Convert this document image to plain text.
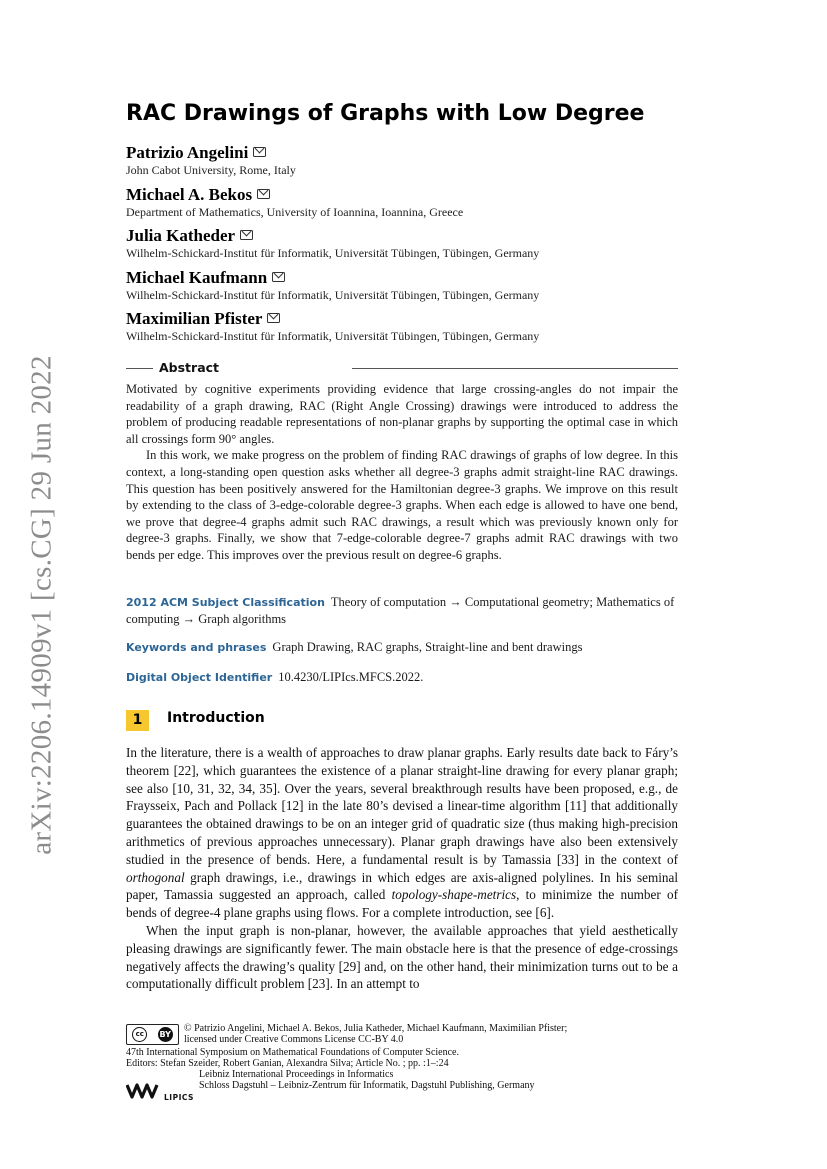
arXiv:2206.14909v1 [cs.CG] 29 Jun 2022
RAC Drawings of Graphs with Low Degree
Patrizio Angelini
John Cabot University, Rome, Italy
Michael A. Bekos
Department of Mathematics, University of Ioannina, Ioannina, Greece
Julia Katheder
Wilhelm-Schickard-Institut für Informatik, Universität Tübingen, Tübingen, Germany
Michael Kaufmann
Wilhelm-Schickard-Institut für Informatik, Universität Tübingen, Tübingen, Germany
Maximilian Pfister
Wilhelm-Schickard-Institut für Informatik, Universität Tübingen, Tübingen, Germany
Abstract

Motivated by cognitive experiments providing evidence that large crossing-angles do not impair the readability of a graph drawing, RAC (Right Angle Crossing) drawings were introduced to address the problem of producing readable representations of non-planar graphs by supporting the optimal case in which all crossings form 90° angles.

In this work, we make progress on the problem of finding RAC drawings of graphs of low degree. In this context, a long-standing open question asks whether all degree-3 graphs admit straight-line RAC drawings. This question has been positively answered for the Hamiltonian degree-3 graphs. We improve on this result by extending to the class of 3-edge-colorable degree-3 graphs. When each edge is allowed to have one bend, we prove that degree-4 graphs admit such RAC drawings, a result which was previously known only for degree-3 graphs. Finally, we show that 7-edge-colorable degree-7 graphs admit RAC drawings with two bends per edge. This improves over the previous result on degree-6 graphs.

2012 ACM Subject Classification Theory of computation → Computational geometry; Mathematics of computing → Graph algorithms
Keywords and phrases Graph Drawing, RAC graphs, Straight-line and bent drawings
Digital Object Identifier 10.4230/LIPIcs.MFCS.2022.
1 Introduction

In the literature, there is a wealth of approaches to draw planar graphs. Early results date back to Fáry’s theorem [22], which guarantees the existence of a planar straight-line drawing for every planar graph; see also [10, 31, 32, 34, 35]. Over the years, several breakthrough results have been proposed, e.g., de Fraysseix, Pach and Pollack [12] in the late 80’s devised a linear-time algorithm [11] that additionally guarantees the obtained drawings to be on an integer grid of quadratic size (thus making high-precision arithmetics of previous approaches unnecessary). Planar graph drawings have also been extensively studied in the presence of bends. Here, a fundamental result is by Tamassia [33] in the context of orthogonal graph drawings, i.e., drawings in which edges are axis-aligned polylines. In his seminal paper, Tamassia suggested an approach, called topology-shape-metrics, to minimize the number of bends of degree-4 plane graphs using flows. For a complete introduction, see [6].

When the input graph is non-planar, however, the available approaches that yield aesthetically pleasing drawings are significantly fewer. The main obstacle here is that the presence of edge-crossings negatively affects the drawing’s quality [29] and, on the other hand, their minimization turns out to be a computationally difficult problem [23]. In an attempt to

cc	BY
© Patrizio Angelini, Michael A. Bekos, Julia Katheder, Michael Kaufmann, Maximilian Pfister;
licensed under Creative Commons License CC-BY 4.0
47th International Symposium on Mathematical Foundations of Computer Science.
Editors: Stefan Szeider, Robert Ganian, Alexandra Silva; Article No. ; pp. :1–:24
LIPICS
Leibniz International Proceedings in Informatics
Schloss Dagstuhl – Leibniz-Zentrum für Informatik, Dagstuhl Publishing, Germany
